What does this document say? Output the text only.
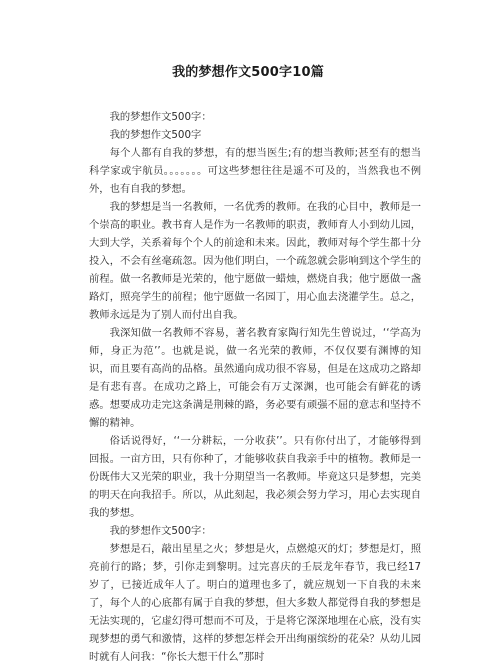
我的梦想作文500字10篇

我的梦想作文500字：

我的梦想作文500字

每个人都有自我的梦想，有的想当医生;有的想当教师;甚至有的想当科学家或宇航员。。。。。。。可这些梦想往往是遥不可及的，当然我也不例外，也有自我的梦想。

我的梦想是当一名教师，一名优秀的教师。在我的心目中，教师是一个崇高的职业。教书育人是作为一名教师的职责，教师育人小到幼儿园，大到大学，关系着每个个人的前途和未来。因此，教师对每个学生都十分投入，不会有丝毫疏忽。因为他们明白，一个疏忽就会影响到这个学生的前程。做一名教师是光荣的，他宁愿做一蜡烛，燃烧自我；他宁愿做一盏路灯，照亮学生的前程；他宁愿做一名园丁，用心血去浇灌学生。总之，教师永远是为了别人而付出自我。

我深知做一名教师不容易，著名教育家陶行知先生曾说过，‘‘学高为师，身正为范’’。也就是说，做一名光荣的教师，不仅仅要有渊博的知识，而且要有高尚的品格。虽然通向成功很不容易，但是在这成功之路却是有悲有喜。在成功之路上，可能会有万丈深渊，也可能会有鲜花的诱惑。想要成功走完这条满是荆棘的路，务必要有顽强不屈的意志和坚持不懈的精神。

俗话说得好，‘‘一分耕耘，一分收获’’。只有你付出了，才能够得到回报。一亩方田，只有你种了，才能够收获自我亲手中的植物。教师是一份既伟大又光荣的职业，我十分期望当一名教师。毕竟这只是梦想，完美的明天在向我招手。所以，从此刻起，我必须会努力学习，用心去实现自我的梦想。

我的梦想作文500字：

梦想是石，敲出星星之火；梦想是火，点燃熄灭的灯；梦想是灯，照亮前行的路；梦，引你走到黎明。过完喜庆的壬辰龙年春节，我已经17岁了，已接近成年人了。明白的道理也多了，就应规划一下自我的未来了，每个人的心底都有属于自我的梦想，但大多数人都觉得自我的梦想是无法实现的，它虚幻得可想而不可及，于是将它深深地埋在心底，没有实现梦想的勇气和激情，这样的梦想怎样会开出绚丽缤纷的花朵？从幼儿园时就有人问我：“你长大想干什么”那时
